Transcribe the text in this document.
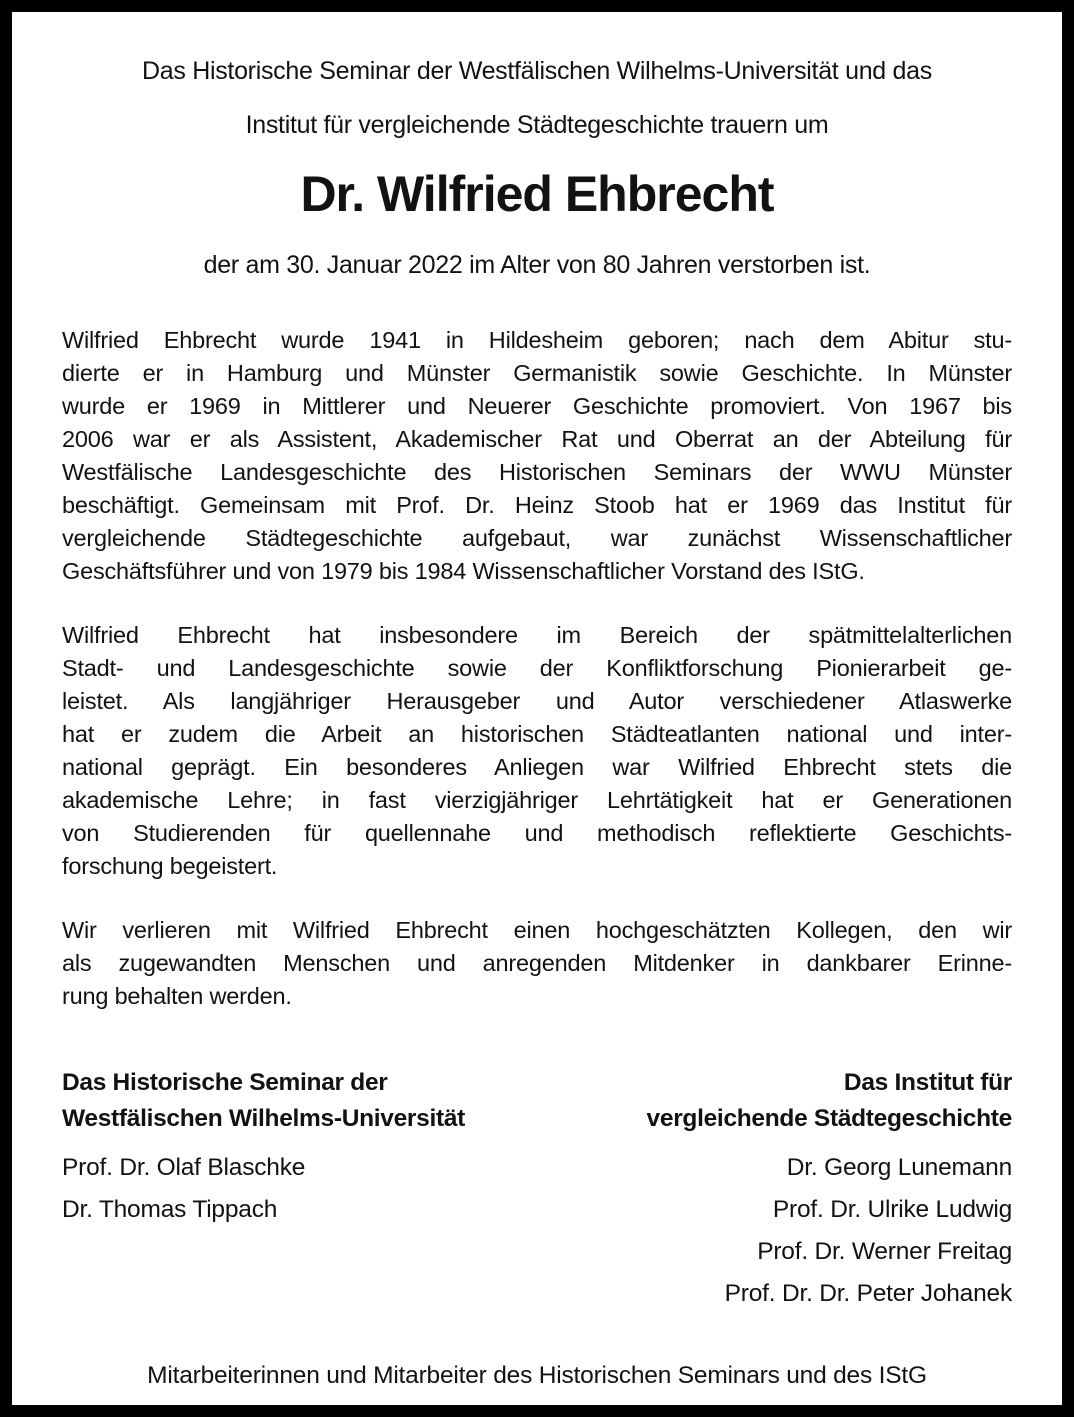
Das Historische Seminar der Westfälischen Wilhelms-Universität und das
Institut für vergleichende Städtegeschichte trauern um
Dr. Wilfried Ehbrecht
der am 30. Januar 2022 im Alter von 80 Jahren verstorben ist.
Wilfried Ehbrecht wurde 1941 in Hildesheim geboren; nach dem Abitur stu-
dierte er in Hamburg und Münster Germanistik sowie Geschichte. In Münster
wurde er 1969 in Mittlerer und Neuerer Geschichte promoviert. Von 1967 bis
2006 war er als Assistent, Akademischer Rat und Oberrat an der Abteilung für
Westfälische Landesgeschichte des Historischen Seminars der WWU Münster
beschäftigt. Gemeinsam mit Prof. Dr. Heinz Stoob hat er 1969 das Institut für
vergleichende Städtegeschichte aufgebaut, war zunächst Wissenschaftlicher
Geschäftsführer und von 1979 bis 1984 Wissenschaftlicher Vorstand des IStG.
Wilfried Ehbrecht hat insbesondere im Bereich der spätmittelalterlichen
Stadt- und Landesgeschichte sowie der Konfliktforschung Pionierarbeit ge-
leistet. Als langjähriger Herausgeber und Autor verschiedener Atlaswerke
hat er zudem die Arbeit an historischen Städteatlanten national und inter-
national geprägt. Ein besonderes Anliegen war Wilfried Ehbrecht stets die
akademische Lehre; in fast vierzigjähriger Lehrtätigkeit hat er Generationen
von Studierenden für quellennahe und methodisch reflektierte Geschichts-
forschung begeistert.
Wir verlieren mit Wilfried Ehbrecht einen hochgeschätzten Kollegen, den wir
als zugewandten Menschen und anregenden Mitdenker in dankbarer Erinne-
rung behalten werden.
Das Historische Seminar der
Westfälischen Wilhelms-Universität
Prof. Dr. Olaf Blaschke
Dr. Thomas Tippach
Das Institut für
vergleichende Städtegeschichte
Dr. Georg Lunemann
Prof. Dr. Ulrike Ludwig
Prof. Dr. Werner Freitag
Prof. Dr. Dr. Peter Johanek
Mitarbeiterinnen und Mitarbeiter des Historischen Seminars und des IStG
